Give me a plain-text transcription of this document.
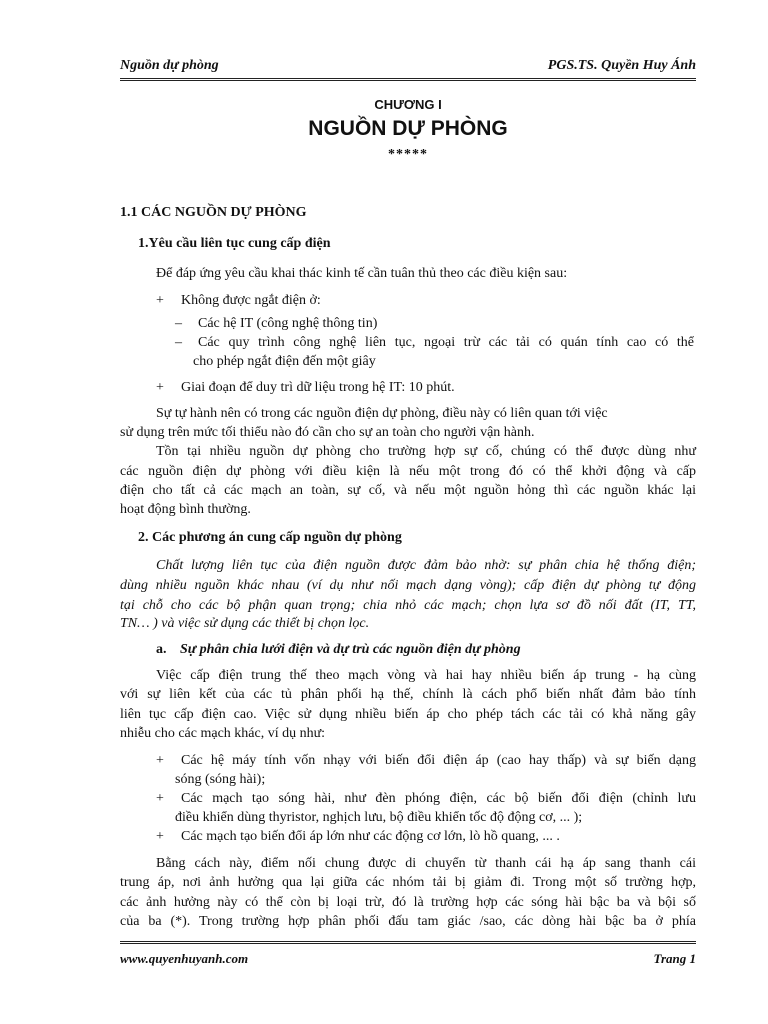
Nguồn dự phòng	PGS.TS. Quyền Huy Ánh
CHƯƠNG I
NGUỒN DỰ PHÒNG
*****
1.1 CÁC NGUỒN DỰ PHÒNG
1.Yêu cầu liên tục cung cấp điện
Để đáp ứng yêu cầu khai thác kinh tế cần tuân thủ theo các điều kiện sau:
+ Không được ngắt điện ở:
– Các hệ IT (công nghệ thông tin)
– Các quy trình công nghệ liên tục, ngoại trừ các tải có quán tính cao có thể
cho phép ngắt điện đến một giây
+ Giai đoạn để duy trì dữ liệu trong hệ IT: 10 phút.
Sự tự hành nên có trong các nguồn điện dự phòng, điều này có liên quan tới việc
sử dụng trên mức tối thiểu nào đó cần cho sự an toàn cho người vận hành.
Tồn tại nhiều nguồn dự phòng cho trường hợp sự cố, chúng có thể được dùng như
các nguồn điện dự phòng với điều kiện là nếu một trong đó có thể khởi động và cấp
điện cho tất cả các mạch an toàn, sự cố, và nếu một nguồn hỏng thì các nguồn khác lại
hoạt động bình thường.
2. Các phương án cung cấp nguồn dự phòng
Chất lượng liên tục của điện nguồn được đảm bảo nhờ: sự phân chia hệ thống điện;
dùng nhiều nguồn khác nhau (ví dụ như nối mạch dạng vòng); cấp điện dự phòng tự động
tại chỗ cho các bộ phận quan trọng; chia nhỏ các mạch; chọn lựa sơ đồ nối đất (IT, TT,
TN… ) và việc sử dụng các thiết bị chọn lọc.
a. Sự phân chia lưới điện và dự trù các nguồn điện dự phòng
Việc cấp điện trung thế theo mạch vòng và hai hay nhiều biến áp trung - hạ cùng
với sự liên kết của các tủ phân phối hạ thế, chính là cách phổ biến nhất đảm bảo tính
liên tục cấp điện cao. Việc sử dụng nhiều biến áp cho phép tách các tải có khả năng gây
nhiễu cho các mạch khác, ví dụ như:
+ Các hệ máy tính vốn nhạy với biến đổi điện áp (cao hay thấp) và sự biến dạng
sóng (sóng hài);
+ Các mạch tạo sóng hài, như đèn phóng điện, các bộ biến đổi điện (chỉnh lưu
điều khiển dùng thyristor, nghịch lưu, bộ điều khiển tốc độ động cơ, ... );
+ Các mạch tạo biến đổi áp lớn như các động cơ lớn, lò hồ quang, ... .
Bằng cách này, điểm nối chung được di chuyển từ thanh cái hạ áp sang thanh cái
trung áp, nơi ảnh hưởng qua lại giữa các nhóm tải bị giảm đi. Trong một số trường hợp,
các ảnh hưởng này có thể còn bị loại trừ, đó là trường hợp các sóng hài bậc ba và bội số
của ba (*). Trong trường hợp phân phối đấu tam giác /sao, các dòng hài bậc ba ở phía
www.quyenhuyanh.com	Trang 1
